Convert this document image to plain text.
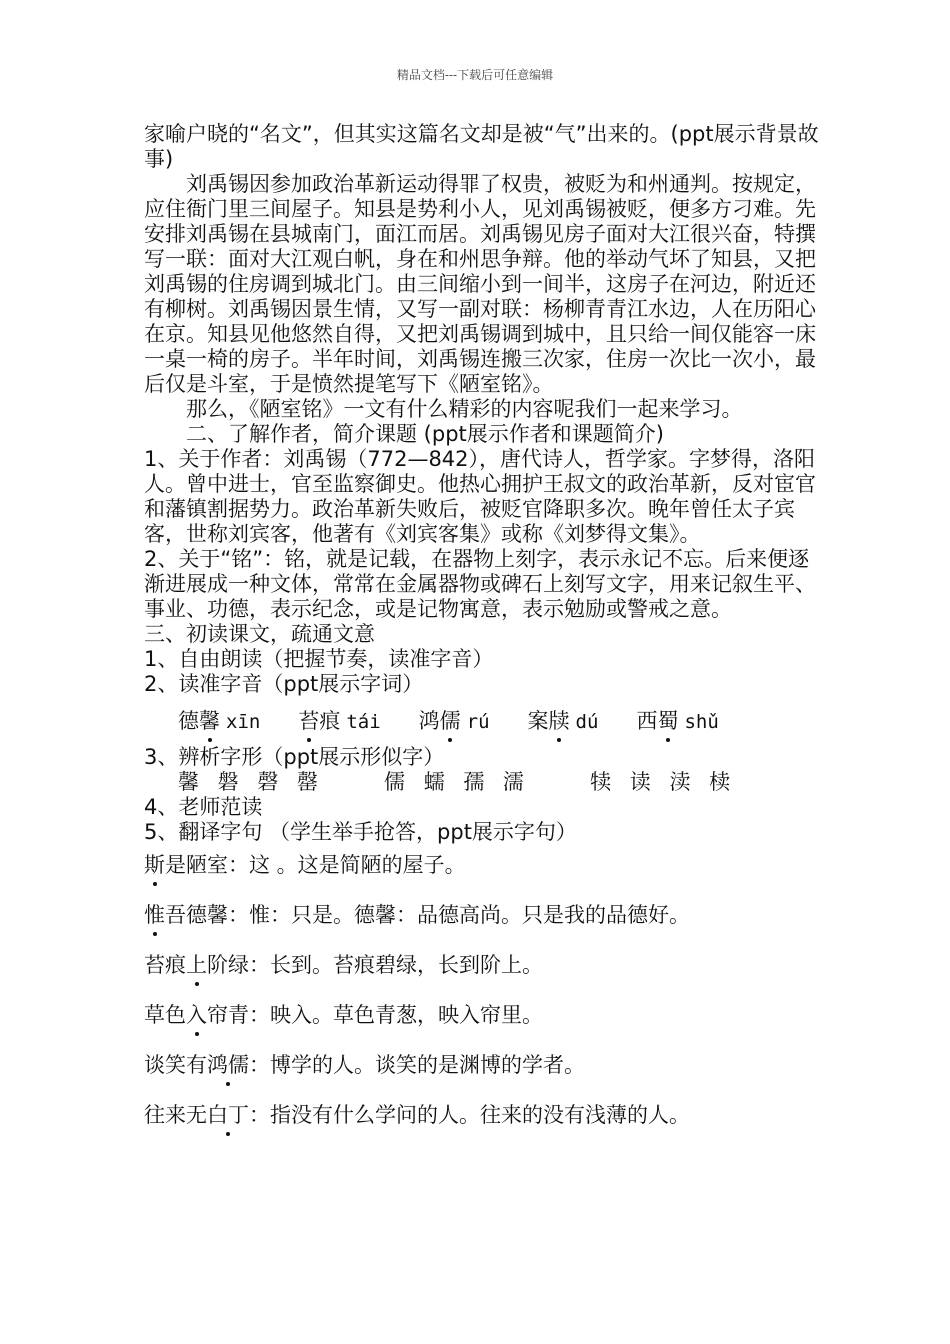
精品文档---下载后可任意编辑

家喻户晓的“名文”，但其实这篇名文却是被“气”出来的。(ppt展示背景故事)

刘禹锡因参加政治革新运动得罪了权贵，被贬为和州通判。按规定，应住衙门里三间屋子。知县是势利小人，见刘禹锡被贬，便多方刁难。先安排刘禹锡在县城南门，面江而居。刘禹锡见房子面对大江很兴奋，特撰写一联：面对大江观白帆，身在和州思争辩。他的举动气坏了知县，又把刘禹锡的住房调到城北门。由三间缩小到一间半，这房子在河边，附近还有柳树。刘禹锡因景生情，又写一副对联：杨柳青青江水边，人在历阳心在京。知县见他悠然自得，又把刘禹锡调到城中，且只给一间仅能容一床一桌一椅的房子。半年时间，刘禹锡连搬三次家，住房一次比一次小，最后仅是斗室，于是愤然提笔写下《陋室铭》。

那么，《陋室铭》一文有什么精彩的内容呢我们一起来学习。

二、了解作者，简介课题 (ppt展示作者和课题简介)

1、关于作者：刘禹锡（772—842），唐代诗人，哲学家。字梦得，洛阳人。曾中进士，官至监察御史。他热心拥护王叔文的政治革新，反对宦官和藩镇割据势力。政治革新失败后，被贬官降职多次。晚年曾任太子宾客，世称刘宾客，他著有《刘宾客集》或称《刘梦得文集》。

2、关于“铭”：铭，就是记载，在器物上刻字，表示永记不忘。后来便逐渐进展成一种文体，常常在金属器物或碑石上刻写文字，用来记叙生平、事业、功德，表示纪念，或是记物寓意，表示勉励或警戒之意。

三、初读课文，疏通文意

1、自由朗读（把握节奏，读准字音）

2、读准字音（ppt展示字词）

德馨 xīn 苔痕 tái 鸿儒 rú 案牍 dú 西蜀 shǔ

3、辨析字形（ppt展示形似字）

馨 磐 磬 罄	儒 蠕 孺 濡	犊 读 渎 椟

4、老师范读

5、翻译字句 （学生举手抢答，ppt展示字句）

斯是陋室：这 。这是简陋的屋子。

惟吾德馨：惟：只是。德馨：品德高尚。只是我的品德好。

苔痕上阶绿：长到。苔痕碧绿，长到阶上。

草色入帘青：映入。草色青葱，映入帘里。

谈笑有鸿儒：博学的人。谈笑的是渊博的学者。

往来无白丁：指没有什么学问的人。往来的没有浅薄的人。
